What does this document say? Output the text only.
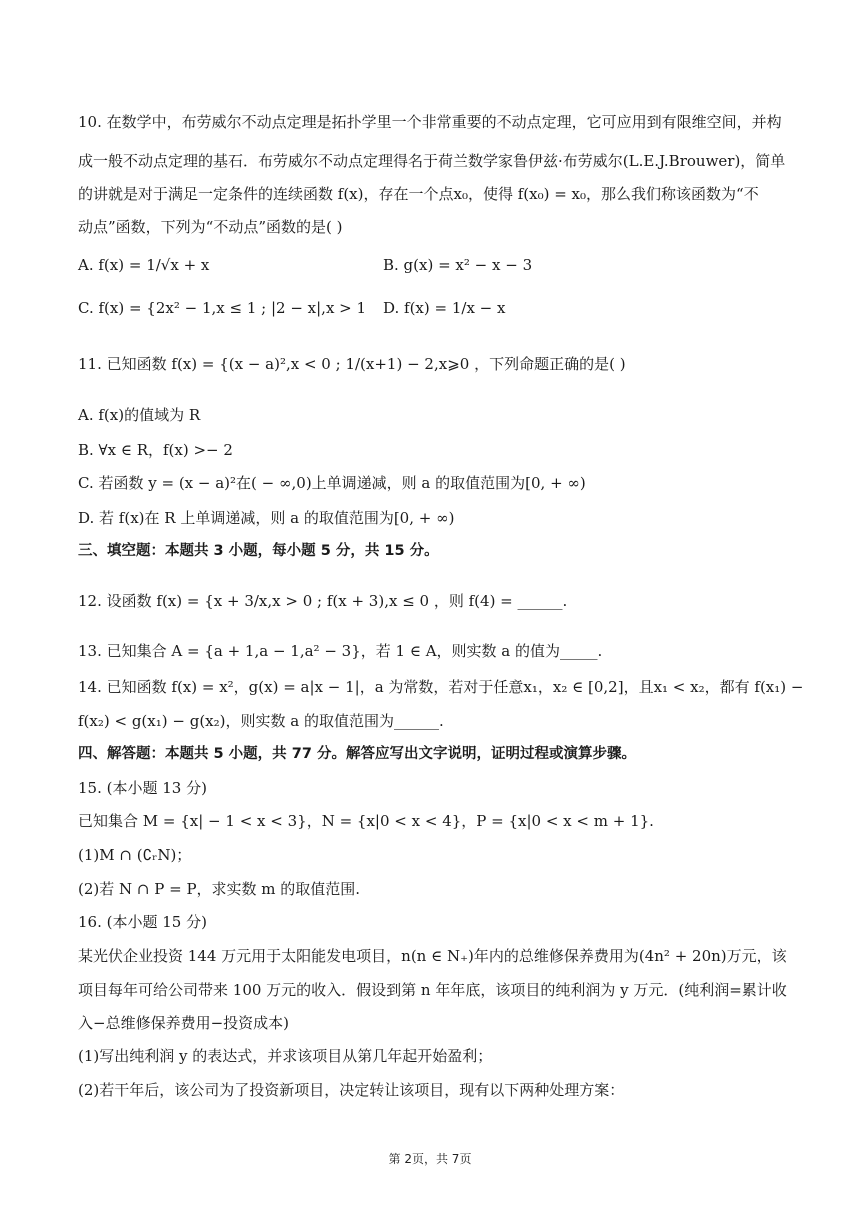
10. 在数学中，布劳威尔不动点定理是拓扑学里一个非常重要的不动点定理，它可应用到有限维空间，并构
成一般不动点定理的基石．布劳威尔不动点定理得名于荷兰数学家鲁伊兹·布劳威尔(L.E.J.Brouwer)，简单
的讲就是对于满足一定条件的连续函数 f(x)，存在一个点x₀，使得 f(x₀) = x₀，那么我们称该函数为“不
动点”函数，下列为“不动点”函数的是( )
A. f(x) = 1/√x + x	B. g(x) = x² − x − 3
C. f(x) = {2x² − 1,x ≤ 1 ; |2 − x|,x > 1 D. f(x) = 1/x − x
11. 已知函数 f(x) = {(x − a)²,x < 0 ; 1/(x+1) − 2,x⩾0 ，下列命题正确的是( )
A. f(x)的值域为 R
B. ∀x ∈ R，f(x) >− 2
C. 若函数 y = (x − a)²在( − ∞,0)上单调递减，则 a 的取值范围为[0, + ∞)
D. 若 f(x)在 R 上单调递减，则 a 的取值范围为[0, + ∞)
三、填空题：本题共 3 小题，每小题 5 分，共 15 分。
12. 设函数 f(x) = {x + 3/x,x > 0 ; f(x + 3),x ≤ 0 ，则 f(4) = ______.
13. 已知集合 A = {a + 1,a − 1,a² − 3}，若 1 ∈ A，则实数 a 的值为_____.
14. 已知函数 f(x) = x²，g(x) = a|x − 1|，a 为常数，若对于任意x₁，x₂ ∈ [0,2]，且x₁ < x₂，都有 f(x₁) −
f(x₂) < g(x₁) − g(x₂)，则实数 a 的取值范围为______.
四、解答题：本题共 5 小题，共 77 分。解答应写出文字说明，证明过程或演算步骤。
15. (本小题 13 分)
已知集合 M = {x| − 1 < x < 3}，N = {x|0 < x < 4}，P = {x|0 < x < m + 1}.
(1)M ∩ (∁ᵣN)；
(2)若 N ∩ P = P，求实数 m 的取值范围.
16. (本小题 15 分)
某光伏企业投资 144 万元用于太阳能发电项目，n(n ∈ N₊)年内的总维修保养费用为(4n² + 20n)万元，该
项目每年可给公司带来 100 万元的收入．假设到第 n 年年底，该项目的纯利润为 y 万元．(纯利润=累计收
入−总维修保养费用−投资成本)
(1)写出纯利润 y 的表达式，并求该项目从第几年起开始盈利；
(2)若干年后，该公司为了投资新项目，决定转让该项目，现有以下两种处理方案：
第 2页，共 7页
